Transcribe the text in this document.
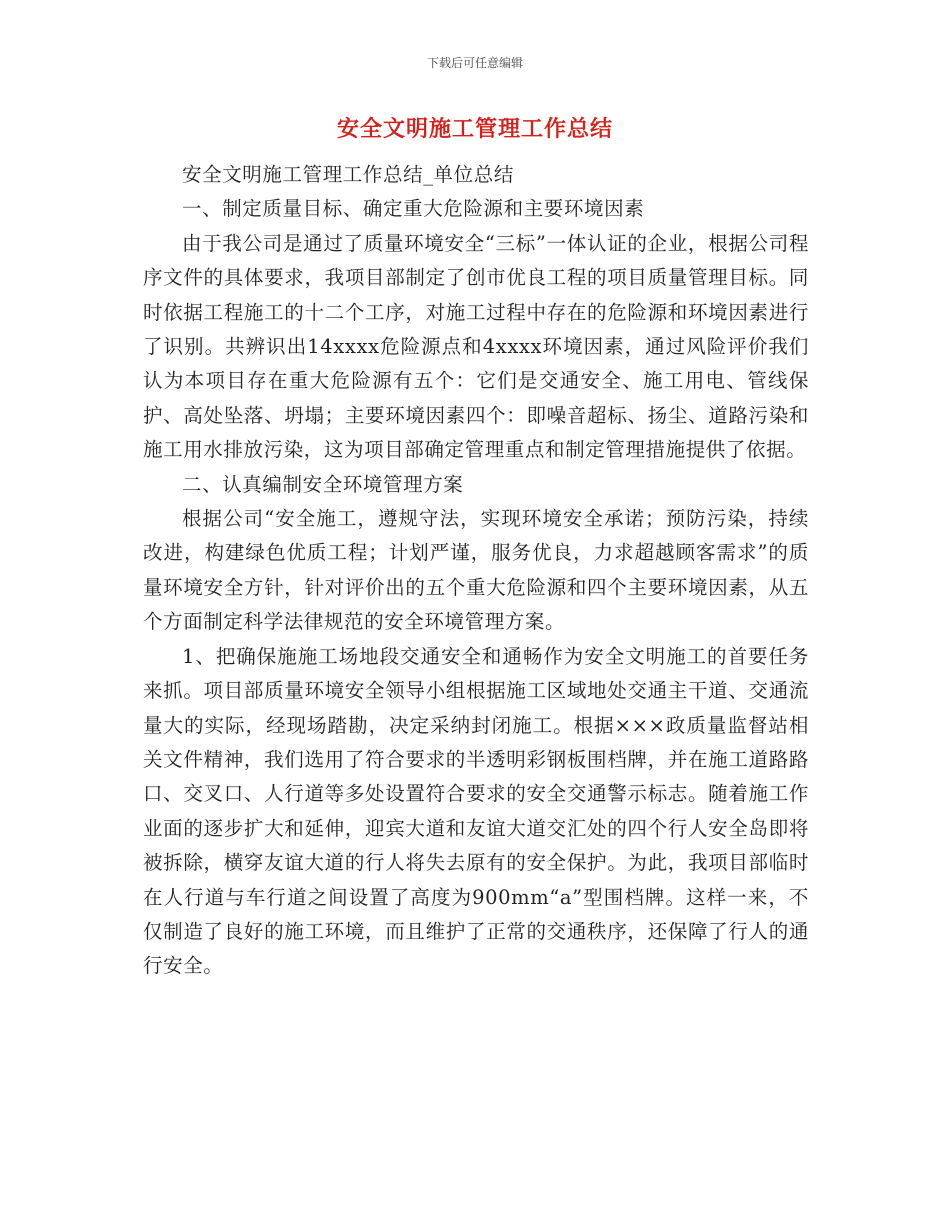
下载后可任意编辑
安全文明施工管理工作总结

安全文明施工管理工作总结_单位总结

一、制定质量目标、确定重大危险源和主要环境因素

由于我公司是通过了质量环境安全“三标”一体认证的企业，根据公司程序文件的具体要求，我项目部制定了创市优良工程的项目质量管理目标。同时依据工程施工的十二个工序，对施工过程中存在的危险源和环境因素进行了识别。共辨识出14xxxx危险源点和4xxxx环境因素，通过风险评价我们认为本项目存在重大危险源有五个：它们是交通安全、施工用电、管线保护、高处坠落、坍塌；主要环境因素四个：即噪音超标、扬尘、道路污染和施工用水排放污染，这为项目部确定管理重点和制定管理措施提供了依据。

二、认真编制安全环境管理方案

根据公司“安全施工，遵规守法，实现环境安全承诺；预防污染，持续改进，构建绿色优质工程；计划严谨，服务优良，力求超越顾客需求”的质量环境安全方针，针对评价出的五个重大危险源和四个主要环境因素，从五个方面制定科学法律规范的安全环境管理方案。

1、把确保施施工场地段交通安全和通畅作为安全文明施工的首要任务来抓。项目部质量环境安全领导小组根据施工区域地处交通主干道、交通流量大的实际，经现场踏勘，决定采纳封闭施工。根据×××政质量监督站相关文件精神，我们选用了符合要求的半透明彩钢板围档牌，并在施工道路路口、交叉口、人行道等多处设置符合要求的安全交通警示标志。随着施工作业面的逐步扩大和延伸，迎宾大道和友谊大道交汇处的四个行人安全岛即将被拆除，横穿友谊大道的行人将失去原有的安全保护。为此，我项目部临时在人行道与车行道之间设置了高度为900mm“a”型围档牌。这样一来，不仅制造了良好的施工环境，而且维护了正常的交通秩序，还保障了行人的通行安全。
